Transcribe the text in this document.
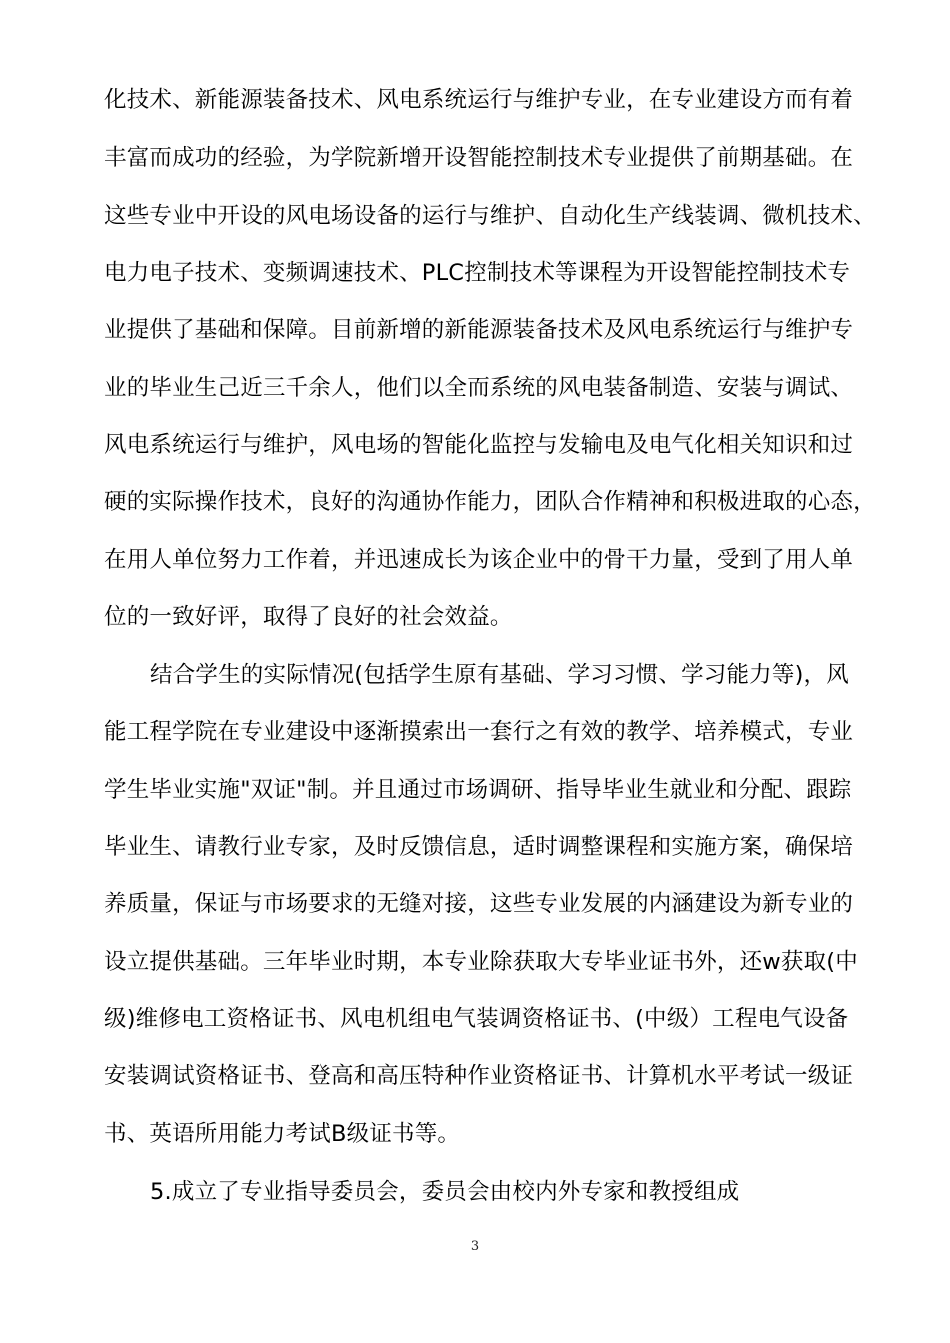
化技术、新能源装备技术、风电系统运行与维护专业，在专业建设方而有着
丰富而成功的经验，为学院新增开设智能控制技术专业提供了前期基础。在
这些专业中开设的风电场设备的运行与维护、自动化生产线装调、微机技术、
电力电子技术、变频调速技术、PLC控制技术等课程为开设智能控制技术专
业提供了基础和保障。目前新增的新能源装备技术及风电系统运行与维护专
业的毕业生己近三千余人，他们以全而系统的风电装备制造、安装与调试、
风电系统运行与维护，风电场的智能化监控与发输电及电气化相关知识和过
硬的实际操作技术，良好的沟通协作能力，团队合作精神和积极进取的心态，
在用人单位努力工作着，并迅速成长为该企业中的骨干力量，受到了用人单
位的一致好评，取得了良好的社会效益。
结合学生的实际情况(包括学生原有基础、学习习惯、学习能力等)，风
能工程学院在专业建设中逐渐摸索出一套行之有效的教学、培养模式，专业
学生毕业实施"双证"制。并且通过市场调研、指导毕业生就业和分配、跟踪
毕业生、请教行业专家，及时反馈信息，适时调整课程和实施方案，确保培
养质量，保证与市场要求的无缝对接，这些专业发展的内涵建设为新专业的
设立提供基础。三年毕业时期，本专业除获取大专毕业证书外，还w获取(中
级)维修电工资格证书、风电机组电气装调资格证书、(中级）工程电气设备
安装调试资格证书、登高和高压特种作业资格证书、计算机水平考试一级证
书、英语所用能力考试B级证书等。
5.成立了专业指导委员会，委员会由校内外专家和教授组成
3
